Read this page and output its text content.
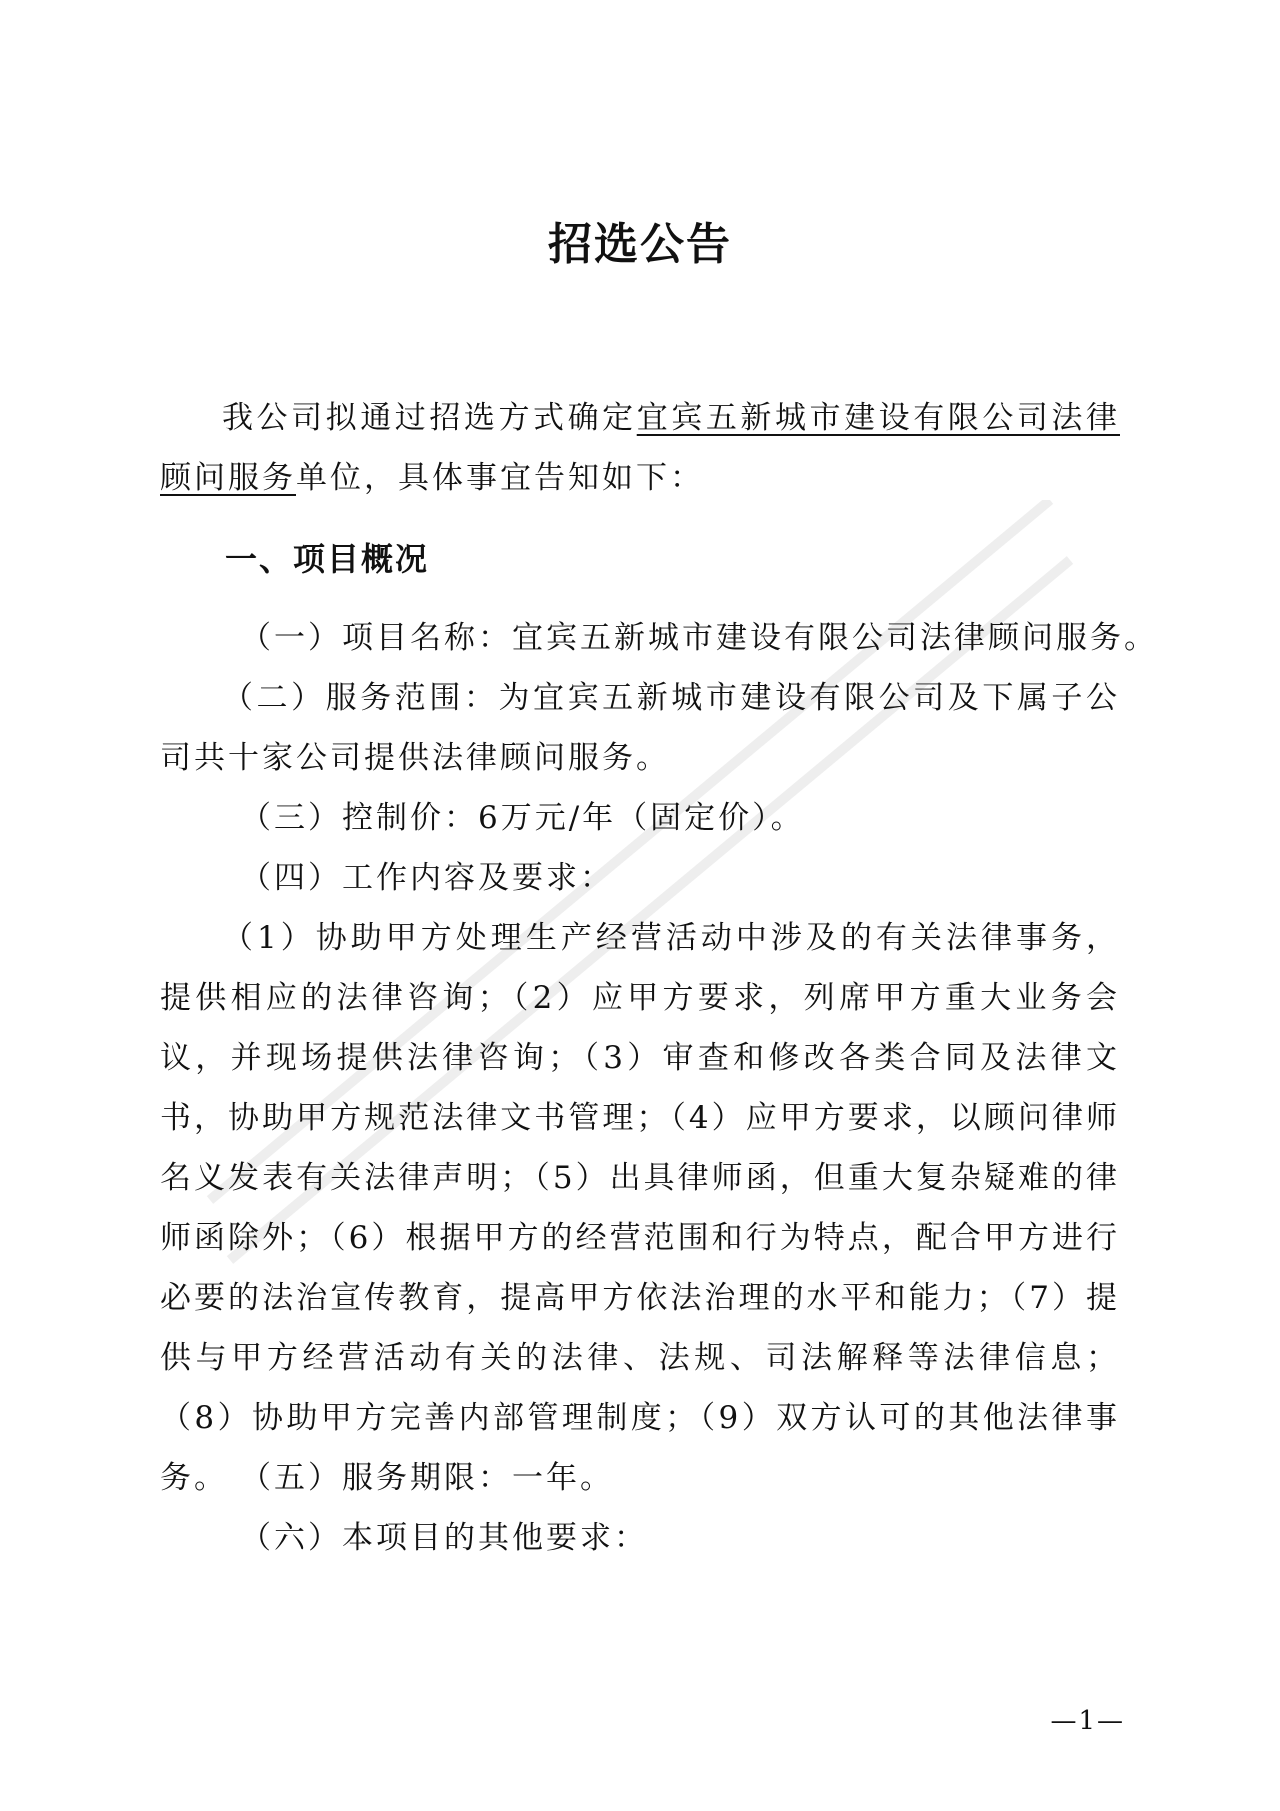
招选公告

我公司拟通过招选方式确定宜宾五新城市建设有限公司法律顾问服务单位，具体事宜告知如下：

一、项目概况

（一）项目名称：宜宾五新城市建设有限公司法律顾问服务。

（二）服务范围：为宜宾五新城市建设有限公司及下属子公司共十家公司提供法律顾问服务。

（三）控制价：6万元/年（固定价）。

（四）工作内容及要求：

（1）协助甲方处理生产经营活动中涉及的有关法律事务，提供相应的法律咨询；（2）应甲方要求，列席甲方重大业务会议，并现场提供法律咨询；（3）审查和修改各类合同及法律文书，协助甲方规范法律文书管理；（4）应甲方要求，以顾问律师名义发表有关法律声明；（5）出具律师函，但重大复杂疑难的律师函除外；（6）根据甲方的经营范围和行为特点，配合甲方进行必要的法治宣传教育，提高甲方依法治理的水平和能力；（7）提供与甲方经营活动有关的法律、法规、司法解释等法律信息；（8）协助甲方完善内部管理制度；（9）双方认可的其他法律事务。 （五）服务期限：一年。

（六）本项目的其他要求：

—1—
